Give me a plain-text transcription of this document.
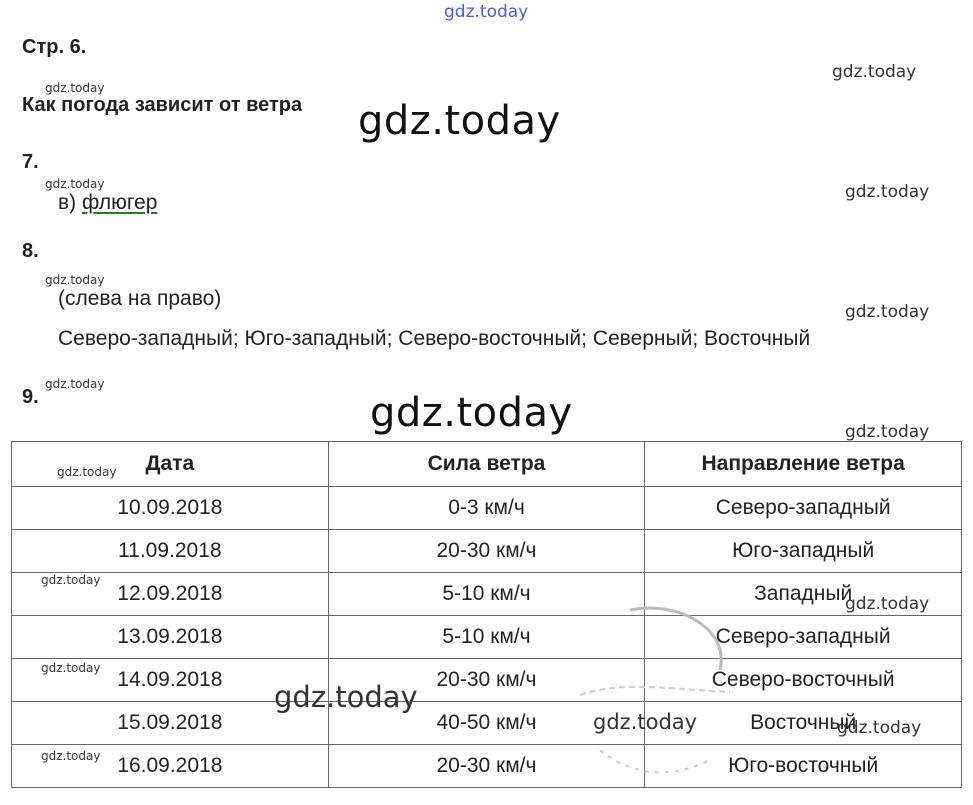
gdz.today
Стр. 6.
Как погода зависит от ветра
7.
в) флюгер
8.
(слева на право)
Северо-западный; Юго-западный; Северо-восточный; Северный; Восточный
9.
Дата	Сила ветра	Направление ветра
10.09.2018	0-3 км/ч	Северо-западный
11.09.2018	20-30 км/ч	Юго-западный
12.09.2018	5-10 км/ч	Западный
13.09.2018	5-10 км/ч	Северо-западный
14.09.2018	20-30 км/ч	Северо-восточный
15.09.2018	40-50 км/ч	Восточный
16.09.2018	20-30 км/ч	Юго-восточный
gdz.today
gdz.today
gdz.today
gdz.today	gdz.today
gdz.today
gdz.today
gdz.today
gdz.today	gdz.today
gdz.today
gdz.today
gdz.today
gdz.today
gdz.today
gdz.today	gdz.today
gdz.today
